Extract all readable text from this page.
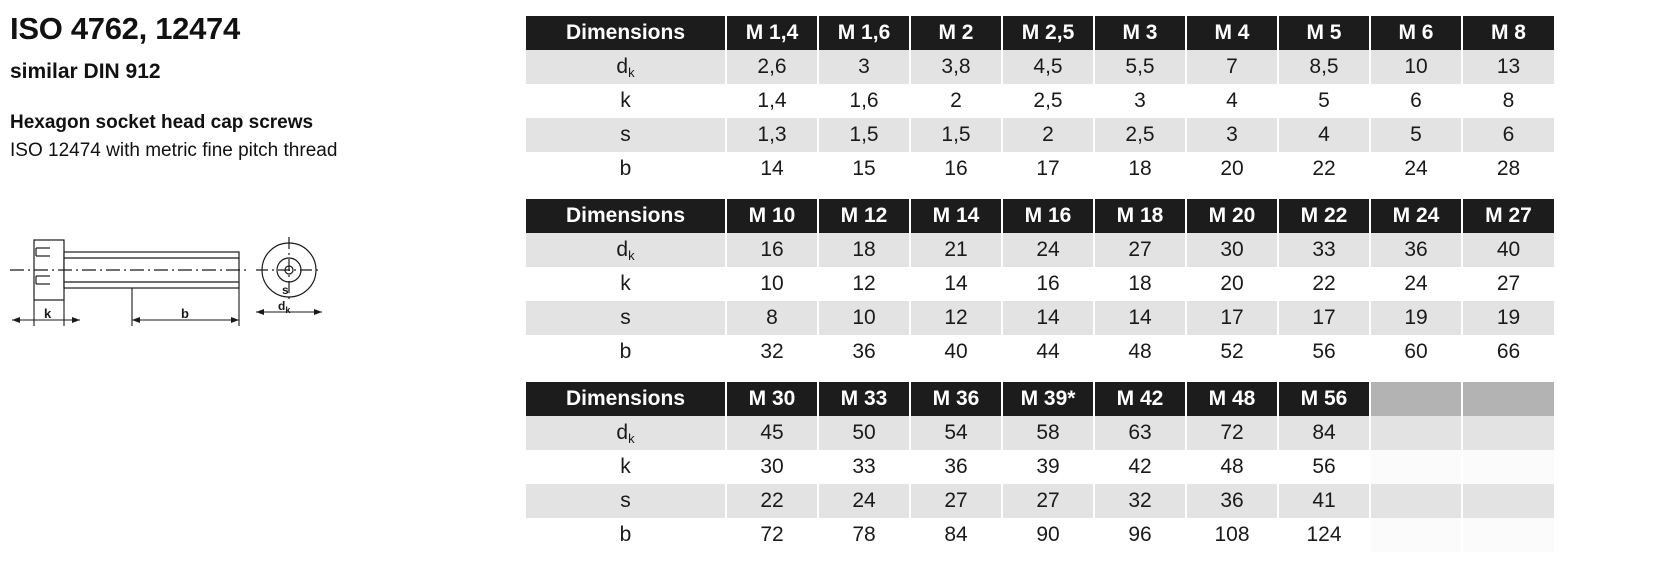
ISO 4762, 12474
similar DIN 912
Hexagon socket head cap screws

ISO 12474 with metric fine pitch thread

k	b
s
$d_k$
Dimensions	M 1,4	M 1,6	M 2	M 2,5	M 3	M 4	M 5	M 6	M 8
$d_k$	2,6	3	3,8	4,5	5,5	7	8,5	10	13
k	1,4	1,6	2	2,5	3	4	5	6	8
s	1,3	1,5	1,5	2	2,5	3	4	5	6
b	14	15	16	17	18	20	22	24	28
Dimensions	M 10	M 12	M 14	M 16	M 18	M 20	M 22	M 24	M 27
$d_k$	16	18	21	24	27	30	33	36	40
k	10	12	14	16	18	20	22	24	27
s	8	10	12	14	14	17	17	19	19
b	32	36	40	44	48	52	56	60	66
Dimensions	M 30	M 33	M 36	M 39*	M 42	M 48	M 56		
$d_k$	45	50	54	58	63	72	84		
k	30	33	36	39	42	48	56		
s	22	24	27	27	32	36	41		
b	72	78	84	90	96	108	124		
